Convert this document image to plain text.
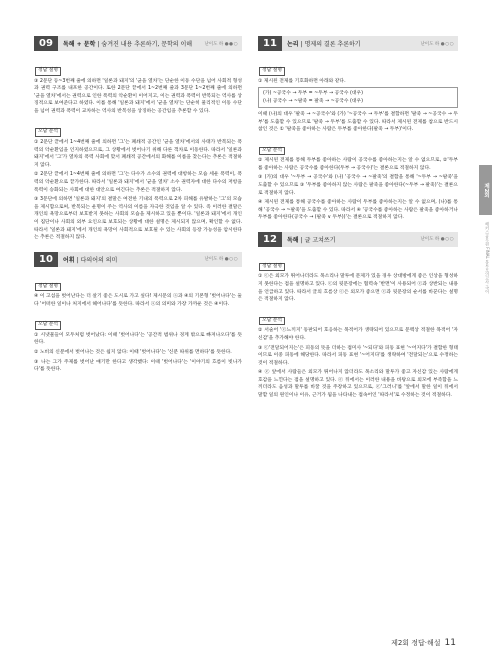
09	독해 + 문학 | 숨겨진 내용 추론하기, 문학의 이해	난이도 하 ●●○
정답 설명

③ 2문단 등~3번째 줄에 의하면 '일론과 돼지'의 '균을 열차'는 단순한 이동 수단을 넘어 사회적 형성과 권력 구조를 내포한 공간이다. 또한 2문단 끝에서 1~2번째 줄과 3문단 1~2번째 줄에 의하면 '균을 열차'에서는 권력으로 인한 폭력의 악순환이 이어지고, 이는 권력과 폭력이 반복되는 역사를 상징적으로 보여준다고 하였다. 이를 통해 '일론과 돼지'에서 '균을 열차'는 단순히 물리적인 이동 수단을 넘어 권력과 폭력이 교차하는 역사의 반복성을 상징하는 공간임을 추론할 수 있다.

오답 분석

① 2문단 끝에서 1~4번째 줄에 의하면 '그'는 폐쇄적 공간인 '균을 열차'에서의 사태가 반복되는 폭력의 악순환임을 인지하였으므로, 그 상황에서 벗어나기 위해 다른 객차로 이동한다. 따라서 '일론과 돼지'에서 '그'가 열차의 폭력 사회에 맞서 폐쇄적 공간에서의 화해를 이룸을 찾는다는 추론은 적절하지 않다.

② 2문단 끝에서 1~4번째 줄에 의하면 '그'는 다수가 소수의 권력에 대항하는 모습 세운 폭력이, 폭력의 악순환으로 끝가한다. 따라서 '일론과 돼지'에서 '균을 열차' 소수 권력자에 대한 다수의 저항을 폭력이 승화되는 사회에 대한 대안으로 여긴다는 추론은 적절하지 않다.

③ 3문단에 의하면 '일론과 돼지'의 결말은 여전한 기내의 폭력으로 2차 피해를 유발하는 '그'의 모습을 제시함으로써, 반복되는 운명이 주는 역사의 이름을 자극한 것임을 알 수 있다. 즉 이러한 결말은 개인의 욕망으로부터 보호받지 못하는 사회의 모습을 제시하고 있을 뿐이다. '일론과 돼지'에서 개인이 집단이나 사회의 외부 요인으로 보호되는 상황에 대한 설명은 제시되지 않으며, 확인할 수 없다. 따라서 '일론과 돼지'에서 개인의 욕망이 사회적으로 보호될 수 있는 사회의 등장 가능성을 암시한다는 추론은 적절하지 않다.

10	어휘 | 다의어의 의미	난이도 하 ●○○
정답 설명

④ 이 고섬을 벗어난다는 더 살기 좋은 도시로 가고 싶다! 제시문의 ⓐ과 ④의 기본형 '벗어나다'는 둘 다 '어떠한 일이나 처지에서 헤어나다'를 뜻한다. 따라서 ⓐ의 의미와 가장 가까운 것은 ④이다.

오답 분석

① 시냇물들이 모두처럼 벗어났다: 이때 '벗어나다'는 '공간적 범위나 경계 밖으로 빠져나오다'를 뜻한다.

② 노비의 신분에서 벗어나는 것은 쉽지 않다: 이때 '벗어나다'는 '신분 따위를 면하다'를 뜻한다.

③ 나는 그가 주제를 벗어난 얘기만 한다고 생각했다: 이때 '벗어나다'는 '이야기의 흐름이 빗나가다'를 뜻한다.

11	논리 | 명제의 결론 추론하기	난이도 하 ●○○
정답 설명

① 제시된 전제를 기호화하면 아래와 같다.

(가) ~공국수 → 두부 = ~두부 → 공국수 (대우)

(나) 공국수 → ~팔죽 = 팔죽 → ~공국수 (대우)

이때 (나)의 대우 '팔죽 → ~공국수'와 (가) '~공국수 → 두부'를 결합하면 '팔죽 → ~공국수 → 두부'를 도출할 수 있으므로 '팔죽 → 두부'를 도출할 수 있다. 따라서 제시된 전제를 참으로 반드시 참인 것은 ① '팔죽을 좋아하는 사람은 두부를 좋아한다(팔죽 → 두부)'이다.

오답 분석

② 제시된 전제를 통해 두부를 좋아하는 사람이 공국수를 좋아하는지는 알 수 없으므로, ②'두부를 좋아하는 사람은 공국수를 좋아한다(두부 → 공국수)'는 결론으로 적절하지 않다.

③ (가)의 대우 '~두부 → 공국수'와 (나) '공국수 → ~팔죽'의 결합을 통해 '~두부 → ~팔죽'을 도출할 수 있으므로 ③ '두부를 좋아하지 않는 사람은 팔죽을 좋아한다(~두부 → 팔죽)'는 결론으로 적절하지 않다.

④ 제시된 전제를 통해 공국수를 좋아하는 사람이 두부를 좋아하는지는 알 수 없으며, (나)를 통해 '공국수 → ~팔죽'을 도출할 수 있다. 따라서 ④ '공국수를 좋아하는 사람은 팔죽을 좋아하거나 두부를 좋아한다(공국수 → (팔죽 ∨ 두부))'는 결론으로 적절하지 않다.

12	독해 | 글 고쳐쓰기	난이도 하 ●○○
정답 설명

① ⓒ은 외모가 뛰어나더라도 목소리나 말투에 문제가 있을 경우 상대방에게 좋은 인상을 형성하지 못한다는 점을 설명하고 있다. ⓒ의 뒷문장에는 협력속 '반면'이 사용되어 ⓒ과 상반되는 내용을 언급하고 있다. 따라서 글의 흐름상 ⓒ은 외모가 좋으면 ⓒ과 뒷문장의 순서를 바꾼다는 설명은 적절하지 않다.

오답 분석

② 서술어 'ⓒ느끼지' 동판되어 호응하는 목적어가 생략되어 있으므로 문맥상 적절한 목적어 '자신감'을 추가해야 한다.

③ ⓒ'전달되어지는'은 피동의 뜻을 더하는 접미사 '~되다'와 피동 표현 '~어지다'가 결합한 형태이므로 이중 피동에 해당한다. 따라서 피동 표현 '~어지다'를 생략하여 '전달되는'으로 수정하는 것이 적절하다.

④ ⓔ 앞에서 사람들은 외모가 뛰어나지 않더라도 목소리와 말투가 좋고 자신감 있는 사람에게 호감을 느낀다는 점을 설명하고 있다. ⓔ 뒤에서는 이러한 내용을 바탕으로 외모에 부족함을 느끼더라도 음성과 말투를 바꿀 것을 주장하고 있으므로, ⓔ'그러니'를 '앞에서 말한 일이 뒤에서 말할 일의 원인이나 이유, 근거가 됨을 나타내는 접속어인 '따라서'로 수정하는 것이 적절하다.

제2회
해커스공무원 FINAL 봉투모의고사 국어
제2회 정답·해설 11
